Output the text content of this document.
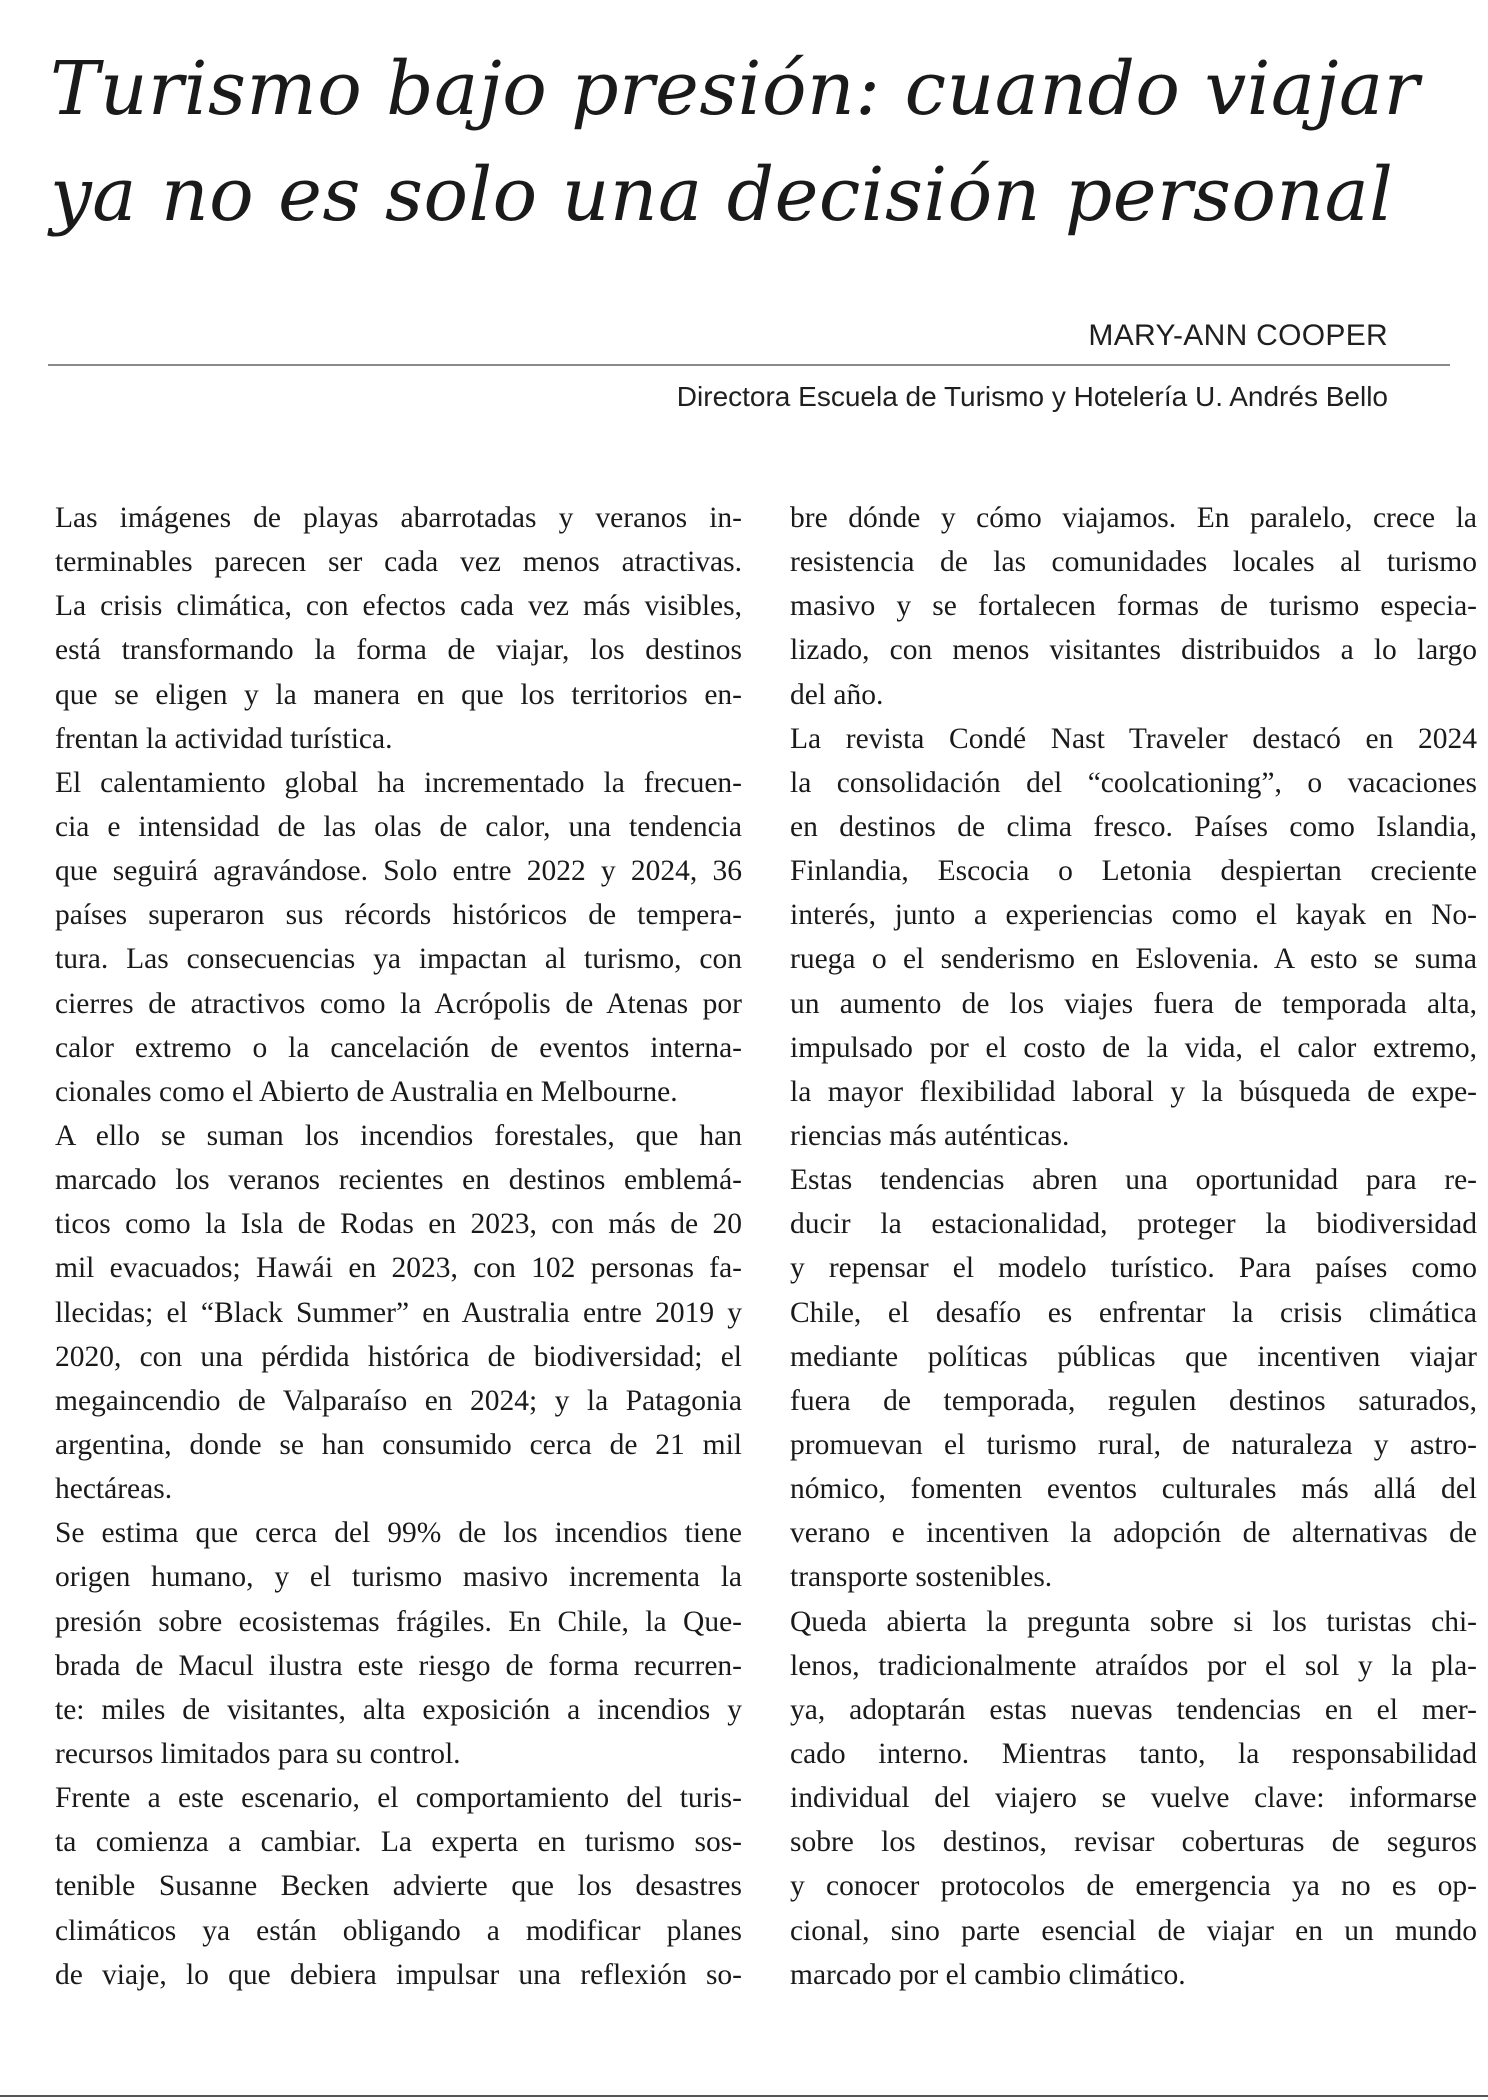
Turismo bajo presión: cuando viajar
ya no es solo una decisión personal
MARY-ANN COOPER
Directora Escuela de Turismo y Hotelería U. Andrés Bello

Las imágenes de playas abarrotadas y veranos in-
terminables parecen ser cada vez menos atractivas.
La crisis climática, con efectos cada vez más visibles,
está transformando la forma de viajar, los destinos
que se eligen y la manera en que los territorios en-
frentan la actividad turística.

El calentamiento global ha incrementado la frecuen-
cia e intensidad de las olas de calor, una tendencia
que seguirá agravándose. Solo entre 2022 y 2024, 36
países superaron sus récords históricos de tempera-
tura. Las consecuencias ya impactan al turismo, con
cierres de atractivos como la Acrópolis de Atenas por
calor extremo o la cancelación de eventos interna-
cionales como el Abierto de Australia en Melbourne.

A ello se suman los incendios forestales, que han
marcado los veranos recientes en destinos emblemá-
ticos como la Isla de Rodas en 2023, con más de 20
mil evacuados; Hawái en 2023, con 102 personas fa-
llecidas; el “Black Summer” en Australia entre 2019 y
2020, con una pérdida histórica de biodiversidad; el
megaincendio de Valparaíso en 2024; y la Patagonia
argentina, donde se han consumido cerca de 21 mil
hectáreas.

Se estima que cerca del 99% de los incendios tiene
origen humano, y el turismo masivo incrementa la
presión sobre ecosistemas frágiles. En Chile, la Que-
brada de Macul ilustra este riesgo de forma recurren-
te: miles de visitantes, alta exposición a incendios y
recursos limitados para su control.

Frente a este escenario, el comportamiento del turis-
ta comienza a cambiar. La experta en turismo sos-
tenible Susanne Becken advierte que los desastres
climáticos ya están obligando a modificar planes
de viaje, lo que debiera impulsar una reflexión so-

bre dónde y cómo viajamos. En paralelo, crece la
resistencia de las comunidades locales al turismo
masivo y se fortalecen formas de turismo especia-
lizado, con menos visitantes distribuidos a lo largo
del año.

La revista Condé Nast Traveler destacó en 2024
la consolidación del “coolcationing”, o vacaciones
en destinos de clima fresco. Países como Islandia,
Finlandia, Escocia o Letonia despiertan creciente
interés, junto a experiencias como el kayak en No-
ruega o el senderismo en Eslovenia. A esto se suma
un aumento de los viajes fuera de temporada alta,
impulsado por el costo de la vida, el calor extremo,
la mayor flexibilidad laboral y la búsqueda de expe-
riencias más auténticas.

Estas tendencias abren una oportunidad para re-
ducir la estacionalidad, proteger la biodiversidad
y repensar el modelo turístico. Para países como
Chile, el desafío es enfrentar la crisis climática
mediante políticas públicas que incentiven viajar
fuera de temporada, regulen destinos saturados,
promuevan el turismo rural, de naturaleza y astro-
nómico, fomenten eventos culturales más allá del
verano e incentiven la adopción de alternativas de
transporte sostenibles.

Queda abierta la pregunta sobre si los turistas chi-
lenos, tradicionalmente atraídos por el sol y la pla-
ya, adoptarán estas nuevas tendencias en el mer-
cado interno. Mientras tanto, la responsabilidad
individual del viajero se vuelve clave: informarse
sobre los destinos, revisar coberturas de seguros
y conocer protocolos de emergencia ya no es op-
cional, sino parte esencial de viajar en un mundo
marcado por el cambio climático.
